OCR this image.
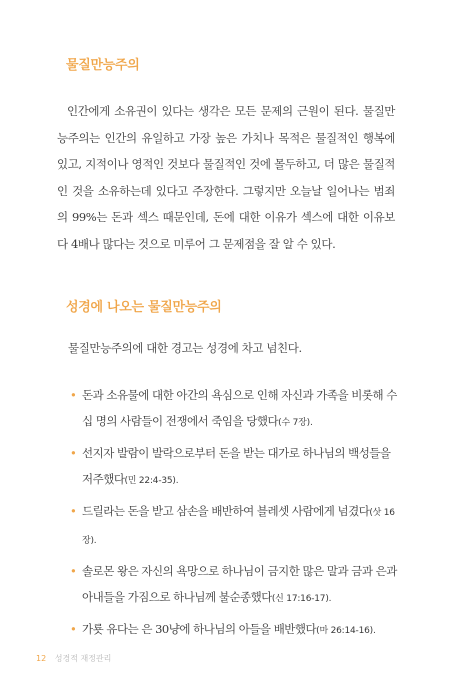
물질만능주의
인간에게 소유권이 있다는 생각은 모든 문제의 근원이 된다. 물질만능주의는 인간의 유일하고 가장 높은 가치나 목적은 물질적인 행복에 있고, 지적이나 영적인 것보다 물질적인 것에 몰두하고, 더 많은 물질적인 것을 소유하는데 있다고 주장한다. 그렇지만 오늘날 일어나는 범죄의 99%는 돈과 섹스 때문인데, 돈에 대한 이유가 섹스에 대한 이유보다 4배나 많다는 것으로 미루어 그 문제점을 잘 알 수 있다.
성경에 나오는 물질만능주의
물질만능주의에 대한 경고는 성경에 차고 넘친다.
• 돈과 소유물에 대한 아간의 욕심으로 인해 자신과 가족을 비롯해 수십 명의 사람들이 전쟁에서 죽임을 당했다(수 7장).
• 선지자 발람이 발락으로부터 돈을 받는 대가로 하나님의 백성들을 저주했다(민 22:4-35).
• 드릴라는 돈을 받고 삼손을 배반하여 블레셋 사람에게 넘겼다(삿 16장).
• 솔로몬 왕은 자신의 욕망으로 하나님이 금지한 많은 말과 금과 은과 아내들을 가짐으로 하나님께 불순종했다(신 17:16-17).
• 가룟 유다는 은 30냥에 하나님의 아들을 배반했다(마 26:14-16).
12 성경적 재정관리
